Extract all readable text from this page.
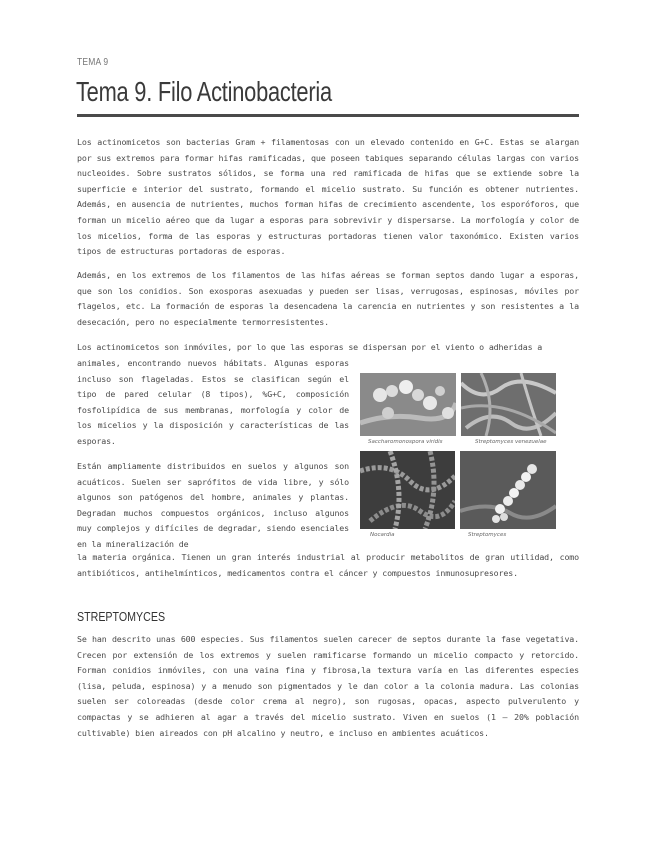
TEMA 9
Tema 9. Filo Actinobacteria

Los actinomicetos son bacterias Gram + filamentosas con un elevado contenido en G+C. Estas se alargan por sus extremos para formar hifas ramificadas, que poseen tabiques separando células largas con varios nucleoides. Sobre sustratos sólidos, se forma una red ramificada de hifas que se extiende sobre la superficie e interior del sustrato, formando el micelio sustrato. Su función es obtener nutrientes. Además, en ausencia de nutrientes, muchos forman hifas de crecimiento ascendente, los esporóforos, que forman un micelio aéreo que da lugar a esporas para sobrevivir y dispersarse. La morfología y color de los micelios, forma de las esporas y estructuras portadoras tienen valor taxonómico. Existen varios tipos de estructuras portadoras de esporas.

Además, en los extremos de los filamentos de las hifas aéreas se forman septos dando lugar a esporas, que son los conidios. Son exosporas asexuadas y pueden ser lisas, verrugosas, espinosas, móviles por flagelos, etc. La formación de esporas la desencadena la carencia en nutrientes y son resistentes a la desecación, pero no especialmente termorresistentes.

Los actinomicetos son inmóviles, por lo que las esporas se dispersan por el viento o adheridas a

animales, encontrando nuevos hábitats. Algunas esporas incluso son flageladas. Estos se clasifican según el tipo de pared celular (8 tipos), %G+C, composición fosfolipídica de sus membranas, morfología y color de los micelios y la disposición y características de las esporas.

Están ampliamente distribuidos en suelos y algunos son acuáticos. Suelen ser saprófitos de vida libre, y sólo algunos son patógenos del hombre, animales y plantas. Degradan muchos compuestos orgánicos, incluso algunos muy complejos y difíciles de degradar, siendo esenciales en la mineralización de

la materia orgánica. Tienen un gran interés industrial al producir metabolitos de gran utilidad, como antibióticos, antihelmínticos, medicamentos contra el cáncer y compuestos inmunosupresores.

Saccharomonospora viridis	Streptomyces venezuelae
Nocardia	Streptomyces
STREPTOMYCES

Se han descrito unas 600 especies. Sus filamentos suelen carecer de septos durante la fase vegetativa. Crecen por extensión de los extremos y suelen ramificarse formando un micelio compacto y retorcido. Forman conidios inmóviles, con una vaina fina y fibrosa,la textura varía en las diferentes especies (lisa, peluda, espinosa) y a menudo son pigmentados y le dan color a la colonia madura. Las colonias suelen ser coloreadas (desde color crema al negro), son rugosas, opacas, aspecto pulverulento y compactas y se adhieren al agar a través del micelio sustrato. Viven en suelos (1 – 20% población cultivable) bien aireados con pH alcalino y neutro, e incluso en ambientes acuáticos.
